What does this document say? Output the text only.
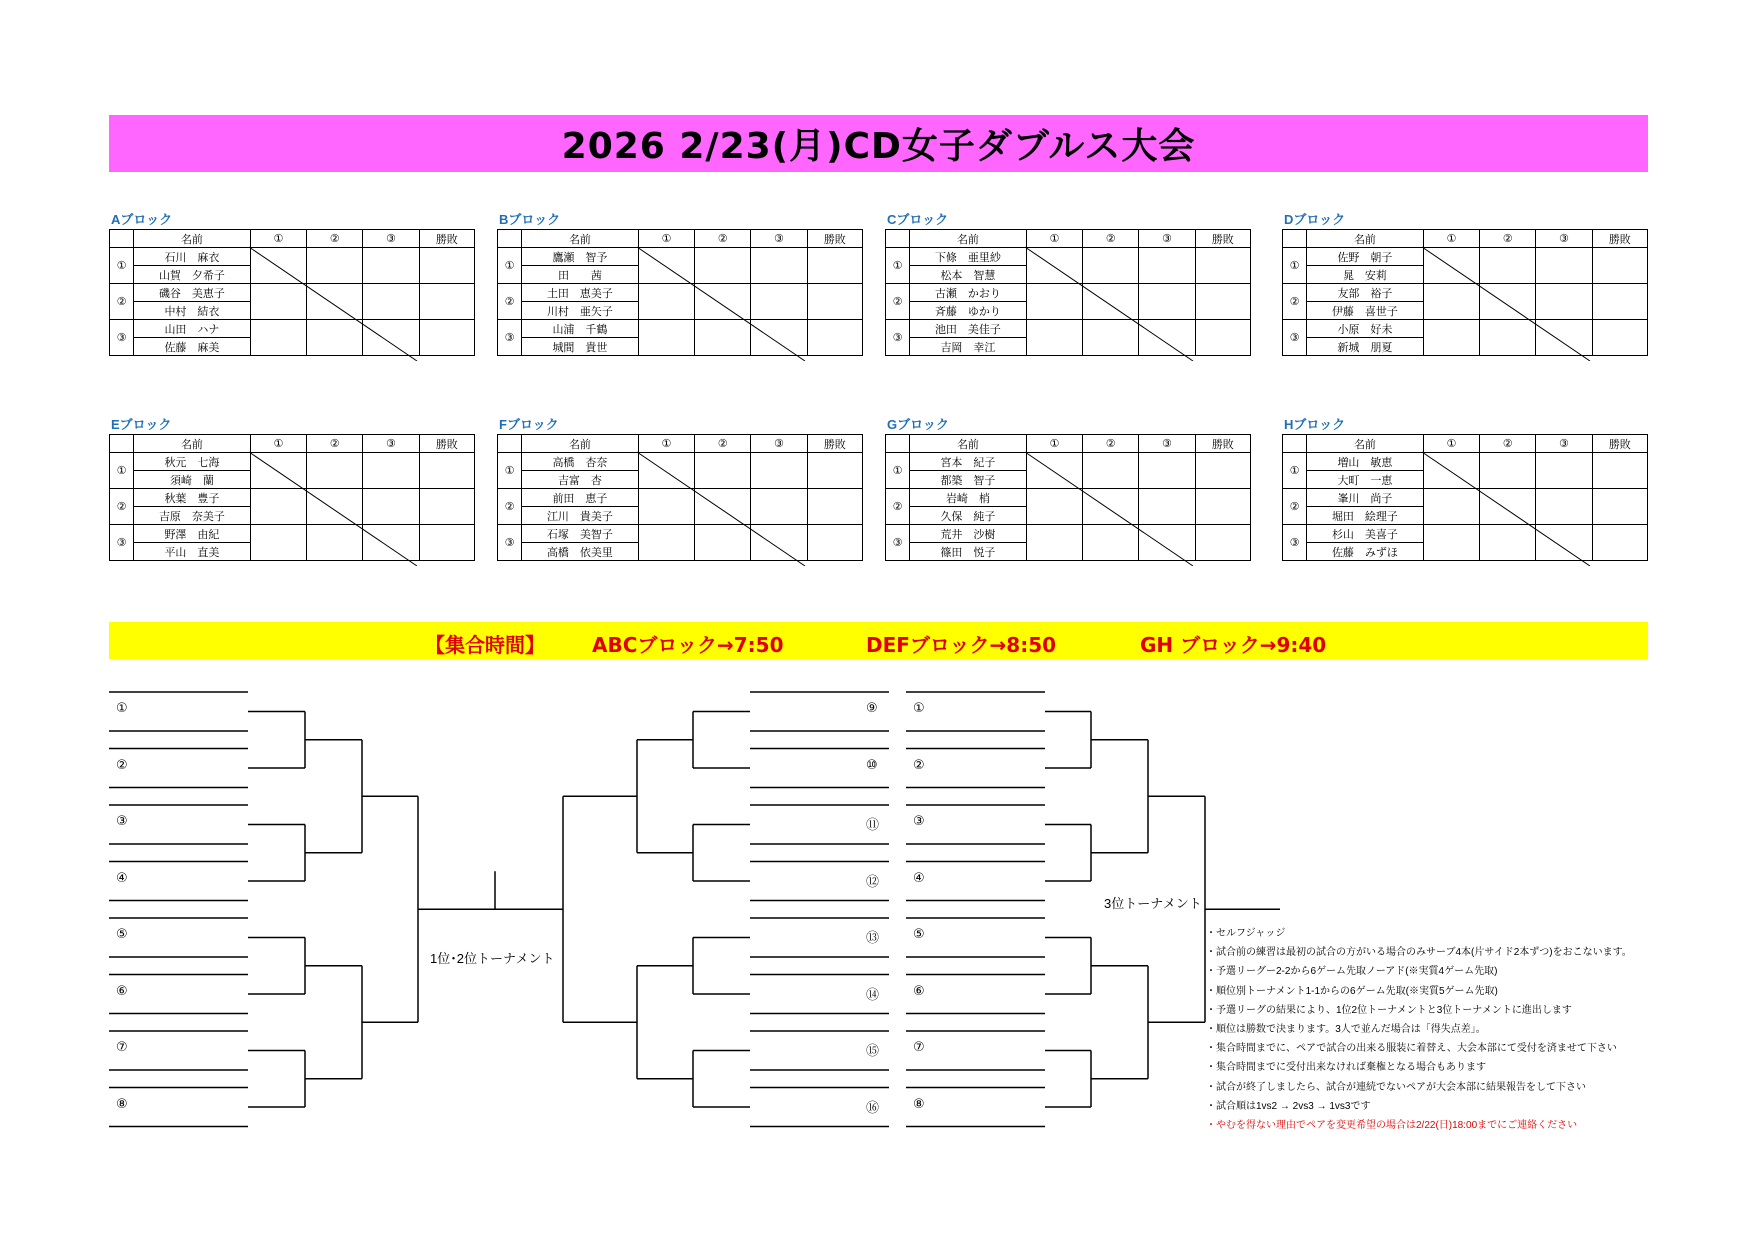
2026 2/23(月)CD女子ダブルス大会
Aブロック
	名前	①	②	③	勝敗
①	石川　麻衣				
	山賀　夕希子				
②	磯谷　美恵子				
	中村　結衣				
③	山田　ハナ				
	佐藤　麻美				
Bブロック
	名前	①	②	③	勝敗
①	鷹瀬　智予				
	田　　茜				
②	土田　恵美子				
	川村　亜矢子				
③	山浦　千鶴				
	城間　貴世				
Cブロック
	名前	①	②	③	勝敗
①	下條　亜里紗				
	松本　智慧				
②	古瀬　かおり				
	斉藤　ゆかり				
③	池田　美佳子				
	吉岡　幸江				
Dブロック
	名前	①	②	③	勝敗
①	佐野　朝子				
	晁　安莉				
②	友部　裕子				
	伊藤　喜世子				
③	小原　好未				
	新城　朋夏				
Eブロック
	名前	①	②	③	勝敗
①	秋元　七海				
	須崎　蘭				
②	秋葉　豊子				
	吉原　奈美子				
③	野澤　由紀				
	平山　直美				
Fブロック
	名前	①	②	③	勝敗
①	高橋　杏奈				
	吉富　杏				
②	前田　恵子				
	江川　貴美子				
③	石塚　美智子				
	高橋　依美里				
Gブロック
	名前	①	②	③	勝敗
①	宮本　紀子				
	都築　智子				
②	岩崎　梢				
	久保　純子				
③	荒井　沙樹				
	篠田　悦子				
Hブロック
	名前	①	②	③	勝敗
①	増山　敏恵				
	大町　一恵				
②	峯川　尚子				
	堀田　絵理子				
③	杉山　美喜子				
	佐藤　みずほ				
【集合時間】 ABCブロック→7:50	DEFブロック→8:50	GH ブロック→9:40
①	⑨	①
②	⑩	②
③	⑪	③
④	⑫	④
⑤	⑬	⑤
⑥	⑭	⑥
⑦	⑮	⑦
⑧	⑯	⑧
1位･2位トーナメント
3位トーナメント
・セルフジャッジ
・試合前の練習は最初の試合の方がいる場合のみサーブ4本(片サイド2本ずつ)をおこないます。
・予選リーグー2-2から6ゲーム先取ノーアド(※実質4ゲーム先取)
・順位別トーナメント1-1からの6ゲーム先取(※実質5ゲーム先取)
・予選リーグの結果により、1位2位トーナメントと3位トーナメントに進出します
・順位は勝数で決まります。3人で並んだ場合は「得失点差」。
・集合時間までに、ペアで試合の出来る服装に着替え、大会本部にて受付を済ませて下さい
・集合時間までに受付出来なければ棄権となる場合もあります
・試合が終了しましたら、試合が連続でないペアが大会本部に結果報告をして下さい
・試合順は1vs2 → 2vs3 → 1vs3です
・やむを得ない理由でペアを変更希望の場合は2/22(日)18:00までにご連絡ください
